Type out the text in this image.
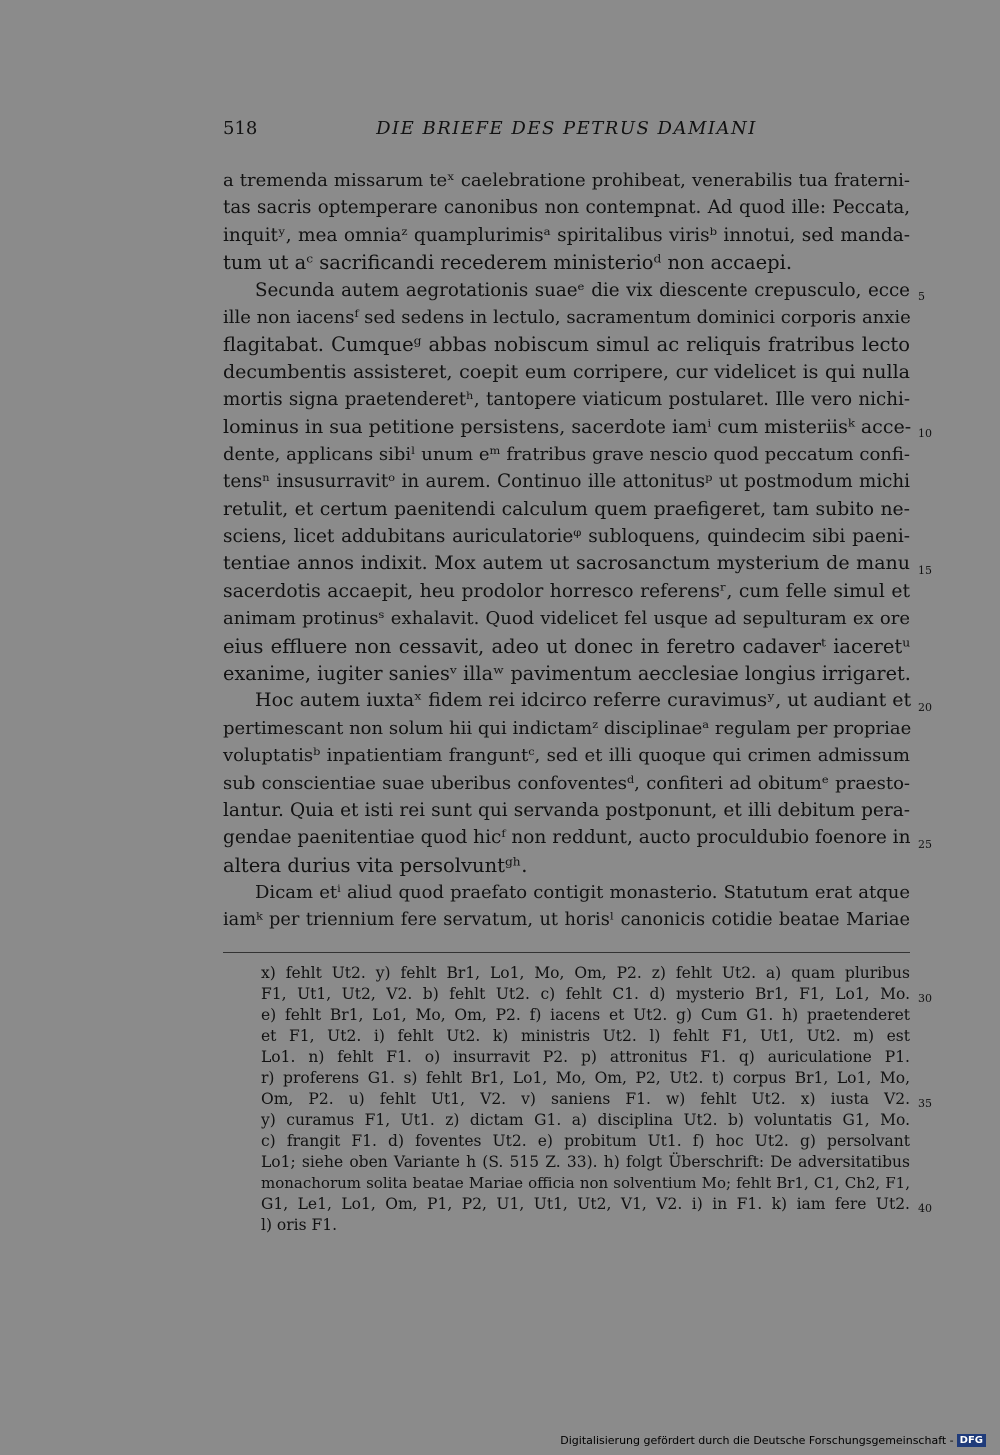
518	DIE BRIEFE DES PETRUS DAMIANI
a tremenda missarum teˣ caelebratione prohibeat, venerabilis tua fraterni-
tas sacris optemperare canonibus non contempnat. Ad quod ille: Peccata,
inquitʸ, mea omniaᶻ quamplurimisᵃ spiritalibus virisᵇ innotui, sed manda-
tum ut aᶜ sacrificandi recederem ministerioᵈ non accaepi.
Secunda autem aegrotationis suaeᵉ die vix diescente crepusculo, ecce
ille non iacensᶠ sed sedens in lectulo, sacramentum dominici corporis anxie
flagitabat. Cumqueᵍ abbas nobiscum simul ac reliquis fratribus lecto
decumbentis assisteret, coepit eum corripere, cur videlicet is qui nulla
mortis signa praetenderetʰ, tantopere viaticum postularet. Ille vero nichi-
lominus in sua petitione persistens, sacerdote iamⁱ cum misteriisᵏ acce-
dente, applicans sibiˡ unum eᵐ fratribus grave nescio quod peccatum confi-
tensⁿ insusurravitᵒ in aurem. Continuo ille attonitusᵖ ut postmodum michi
retulit, et certum paenitendi calculum quem praefigeret, tam subito ne-
sciens, licet addubitans auriculatorieᵠ subloquens, quindecim sibi paeni-
tentiae annos indixit. Mox autem ut sacrosanctum mysterium de manu
sacerdotis accaepit, heu prodolor horresco referensʳ, cum felle simul et
animam protinusˢ exhalavit. Quod videlicet fel usque ad sepulturam ex ore
eius effluere non cessavit, adeo ut donec in feretro cadaverᵗ iaceretᵘ
exanime, iugiter saniesᵛ illaʷ pavimentum aecclesiae longius irrigaret.
Hoc autem iuxtaˣ fidem rei idcirco referre curavimusʸ, ut audiant et
pertimescant non solum hii qui indictamᶻ disciplinaeᵃ regulam per propriae
voluptatisᵇ inpatientiam franguntᶜ, sed et illi quoque qui crimen admissum
sub conscientiae suae uberibus confoventesᵈ, confiteri ad obitumᵉ praesto-
lantur. Quia et isti rei sunt qui servanda postponunt, et illi debitum pera-
gendae paenitentiae quod hicᶠ non reddunt, aucto proculdubio foenore in
altera durius vita persolvuntᵍʰ.
Dicam etⁱ aliud quod praefato contigit monasterio. Statutum erat atque
iamᵏ per triennium fere servatum, ut horisˡ canonicis cotidie beatae Mariae
5
10
15
20
25
30
35
40
x) fehlt Ut2. y) fehlt Br1, Lo1, Mo, Om, P2. z) fehlt Ut2. a) quam pluribus
F1, Ut1, Ut2, V2. b) fehlt Ut2. c) fehlt C1. d) mysterio Br1, F1, Lo1, Mo.
e) fehlt Br1, Lo1, Mo, Om, P2. f) iacens et Ut2. g) Cum G1. h) praetenderet
et F1, Ut2. i) fehlt Ut2. k) ministris Ut2. l) fehlt F1, Ut1, Ut2. m) est
Lo1. n) fehlt F1. o) insurravit P2. p) attronitus F1. q) auriculatione P1.
r) proferens G1. s) fehlt Br1, Lo1, Mo, Om, P2, Ut2. t) corpus Br1, Lo1, Mo,
Om, P2. u) fehlt Ut1, V2. v) saniens F1. w) fehlt Ut2. x) iusta V2.
y) curamus F1, Ut1. z) dictam G1. a) disciplina Ut2. b) voluntatis G1, Mo.
c) frangit F1. d) foventes Ut2. e) probitum Ut1. f) hoc Ut2. g) persolvant
Lo1; siehe oben Variante h (S. 515 Z. 33). h) folgt Überschrift: De adversitatibus
monachorum solita beatae Mariae officia non solventium Mo; fehlt Br1, C1, Ch2, F1,
G1, Le1, Lo1, Om, P1, P2, U1, Ut1, Ut2, V1, V2. i) in F1. k) iam fere Ut2.
l) oris F1.
Digitalisierung gefördert durch die Deutsche Forschungsgemeinschaft - DFG
